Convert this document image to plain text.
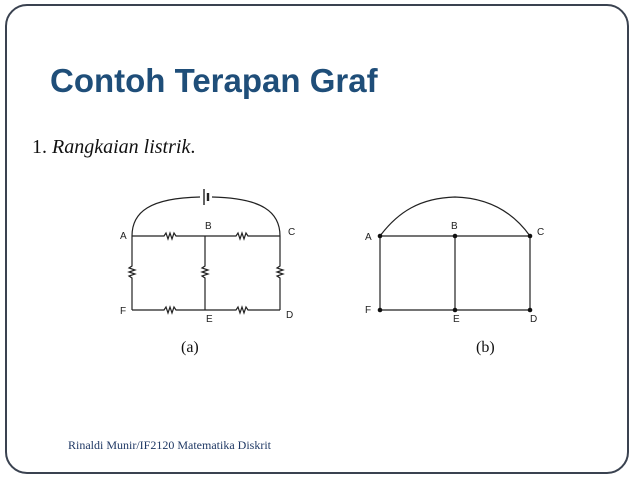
Contoh Terapan Graf
1. Rangkaian listrik.
A
B
C
D
E
F
(a)
A
B
C
D
E
F
(b)
Rinaldi Munir/IF2120 Matematika Diskrit
